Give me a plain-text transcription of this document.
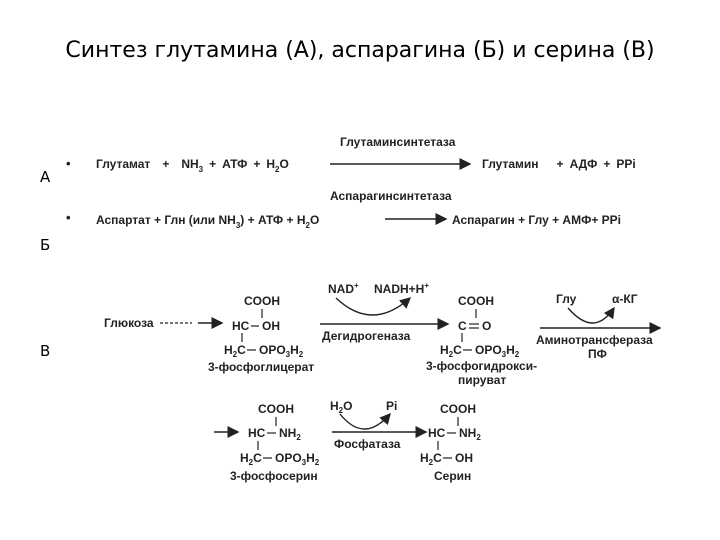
Синтез глутамина (А), аспарагина (Б) и серина (В)
А
Б
В
• Глутамат + $NH_3$ + АТФ + $H_2O$
Глутаминсинтетаза
Глутамин + АДФ + PPi
•
Аспарагинсинтетаза
Аспартат + Глн (или $NH_3$) + АТФ + $H_2O$	Аспарагин + Глу + АМФ+ PPi
Глюкоза
COOH
HC OH
$H_2C$ $OPO_3H_2$
3-фосфоглицерат
NAD+ NADH+H+
Дегидрогеназа
COOH
C O
$H_2C$ $OPO_3H_2$
3-фосфогидрокси-
пируват
Глу	α-КГ
Аминотрансфераза
ПФ
COOH
HC $NH_2$
$H_2C$ $OPO_3H_2$
3-фосфосерин
$H_2O$	Pi
Фосфатаза
COOH
HC $NH_2$
$H_2C$ OH
Серин
